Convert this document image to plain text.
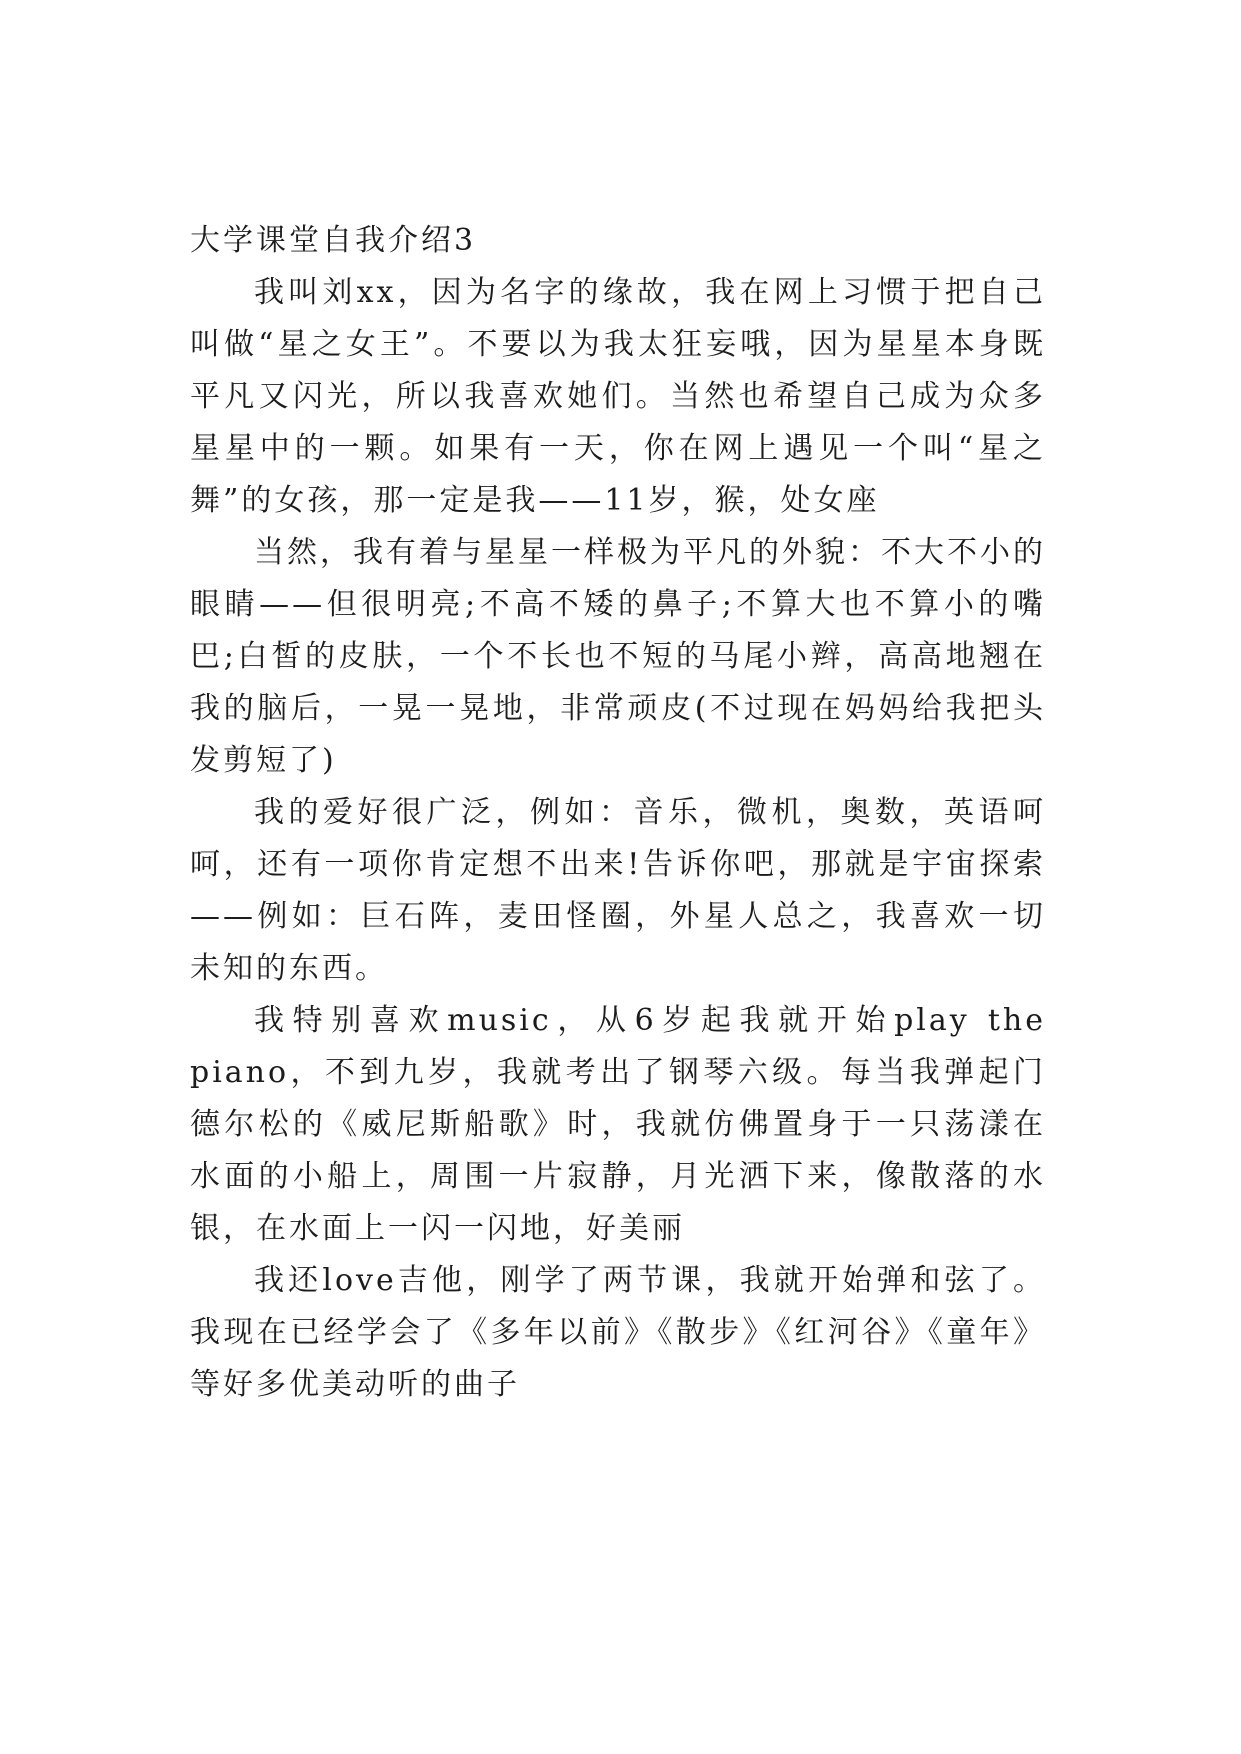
大学课堂自我介绍3

我叫刘xx，因为名字的缘故，我在网上习惯于把自己叫做“星之女王”。不要以为我太狂妄哦，因为星星本身既平凡又闪光，所以我喜欢她们。当然也希望自己成为众多星星中的一颗。如果有一天，你在网上遇见一个叫“星之舞”的女孩，那一定是我——11岁，猴，处女座

当然，我有着与星星一样极为平凡的外貌：不大不小的眼睛——但很明亮;不高不矮的鼻子;不算大也不算小的嘴巴;白皙的皮肤，一个不长也不短的马尾小辫，高高地翘在我的脑后，一晃一晃地，非常顽皮(不过现在妈妈给我把头发剪短了)

我的爱好很广泛，例如：音乐，微机，奥数，英语呵呵，还有一项你肯定想不出来!告诉你吧，那就是宇宙探索——例如：巨石阵，麦田怪圈，外星人总之，我喜欢一切未知的东西。

我特别喜欢music，从6岁起我就开始play the piano，不到九岁，我就考出了钢琴六级。每当我弹起门德尔松的《威尼斯船歌》时，我就仿佛置身于一只荡漾在水面的小船上，周围一片寂静，月光洒下来，像散落的水银，在水面上一闪一闪地，好美丽

我还love吉他，刚学了两节课，我就开始弹和弦了。我现在已经学会了《多年以前》《散步》《红河谷》《童年》等好多优美动听的曲子
